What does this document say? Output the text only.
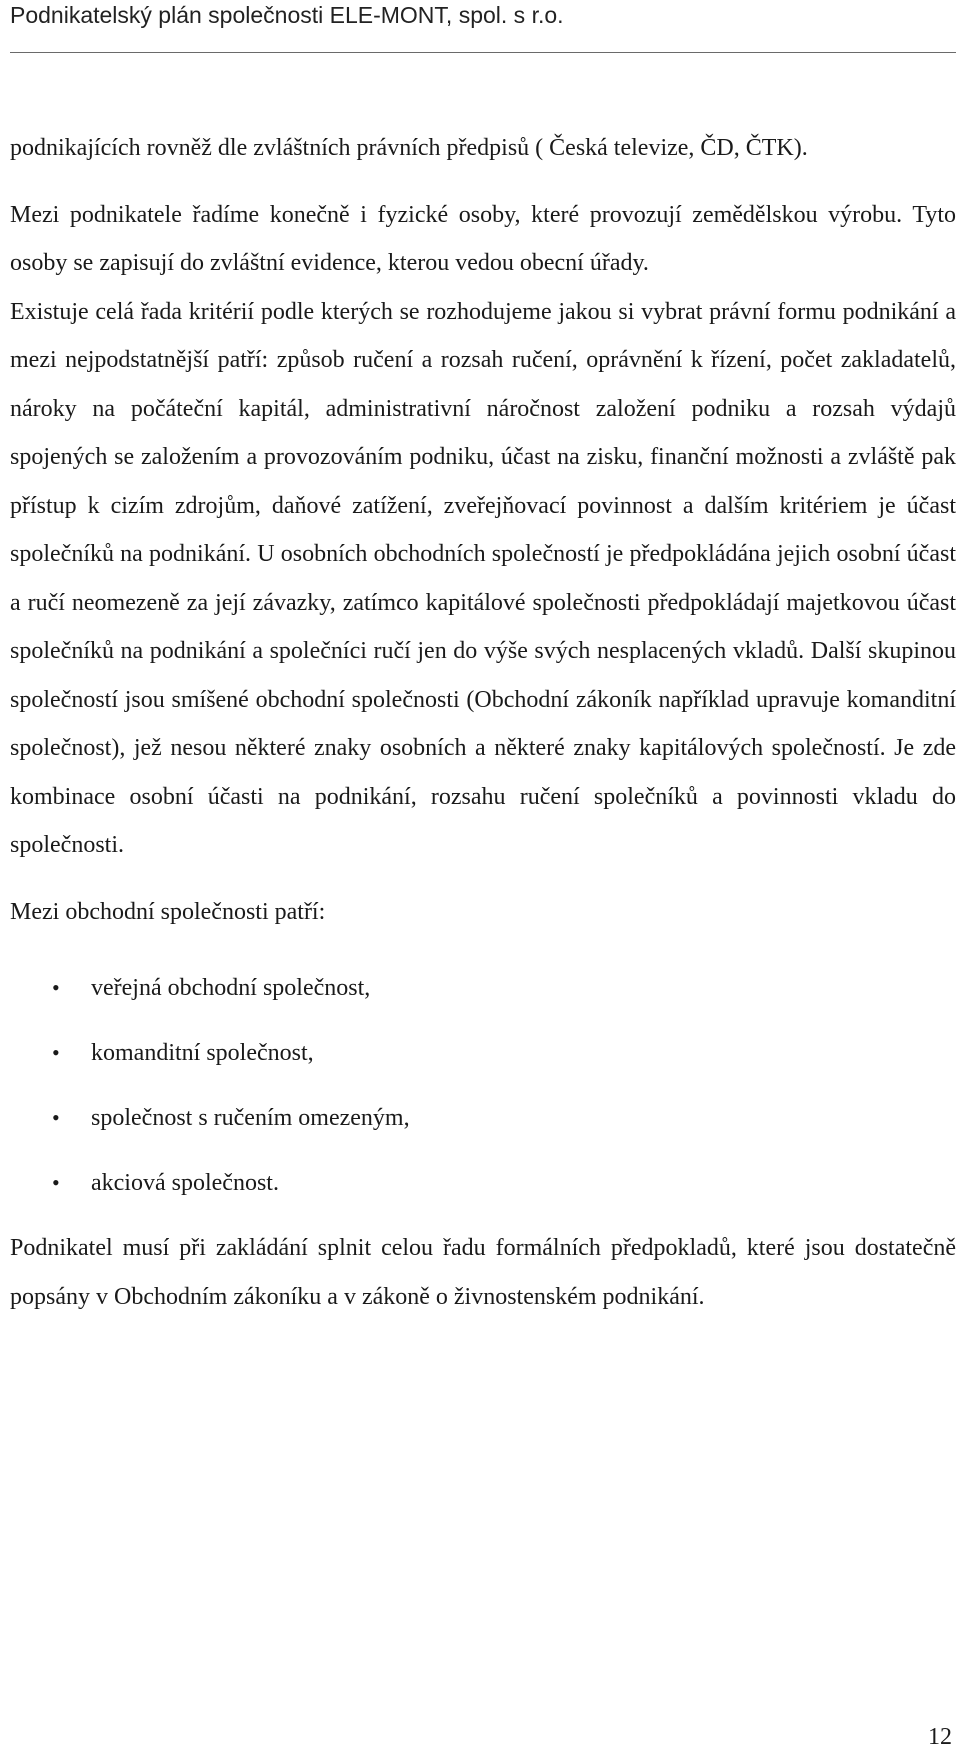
Podnikatelský plán společnosti ELE-MONT, spol. s r.o.

podnikajících rovněž dle zvláštních právních předpisů ( Česká televize, ČD, ČTK).

Mezi podnikatele řadíme konečně i fyzické osoby, které provozují zemědělskou výrobu. Tyto osoby se zapisují do zvláštní evidence, kterou vedou obecní úřady.

Existuje celá řada kritérií podle kterých se rozhodujeme jakou si vybrat právní formu podnikání a mezi nejpodstatnější patří: způsob ručení a rozsah ručení, oprávnění k řízení, počet zakladatelů, nároky na počáteční kapitál, administrativní náročnost založení podniku a rozsah výdajů spojených se založením a provozováním podniku, účast na zisku, finanční možnosti a zvláště pak přístup k cizím zdrojům, daňové zatížení, zveřejňovací povinnost a dalším kritériem je účast společníků na podnikání. U osobních obchodních společností je předpokládána jejich osobní účast a ručí neomezeně za její závazky, zatímco kapitálové společnosti předpokládají majetkovou účast společníků na podnikání a společníci ručí jen do výše svých nesplacených vkladů. Další skupinou společností jsou smíšené obchodní společnosti (Obchodní zákoník například upravuje komanditní společnost), jež nesou některé znaky osobních a některé znaky kapitálových společností. Je zde kombinace osobní účasti na podnikání, rozsahu ručení společníků a povinnosti vkladu do společnosti.

Mezi obchodní společnosti patří:

• veřejná obchodní společnost,
• komanditní společnost,
• společnost s ručením omezeným,
• akciová společnost.

Podnikatel musí při zakládání splnit celou řadu formálních předpokladů, které jsou dostatečně popsány v Obchodním zákoníku a v zákoně o živnostenském podnikání.

12
